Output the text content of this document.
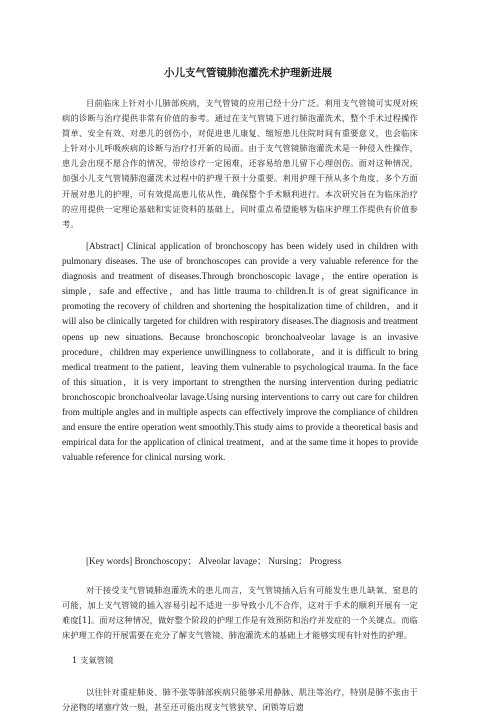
小儿支气管镜肺泡灌洗术护理新进展

目前临床上针对小儿肺部疾病，支气管镜的应用已经十分广泛。利用支气管镜可实现对疾病的诊断与治疗提供非常有价值的参考。通过在支气管镜下进行肺泡灌洗术，整个手术过程操作简单、安全有效、对患儿的创伤小，对促进患儿康复、缩短患儿住院时间有重要意义，也会临床上针对小儿呼吸疾病的诊断与治疗打开新的局面。由于支气管镜肺泡灌洗术是一种侵入性操作，患儿会出现不愿合作的情况，带给诊疗一定困难，还容易给患儿留下心理创伤。面对这种情况，加强小儿支气管镜肺泡灌洗术过程中的护理干预十分重要。利用护理干预从多个角度、多个方面开展对患儿的护理，可有效提高患儿依从性，确保整个手术顺利进行。本次研究旨在为临床治疗的应用提供一定理论基础和实证资料的基础上，同时重点希望能够为临床护理工作提供有价值参考。

[Abstract] Clinical application of bronchoscopy has been widely used in children with pulmonary diseases. The use of bronchoscopes can provide a very valuable reference for the diagnosis and treatment of diseases.Through bronchoscopic lavage，the entire operation is simple，safe and effective，and has little trauma to children.It is of great significance in promoting the recovery of children and shortening the hospitalization time of children，and it will also be clinically targeted for children with respiratory diseases.The diagnosis and treatment opens up new situations. Because bronchoscopic bronchoalveolar lavage is an invasive procedure，children may experience unwillingness to collaborate，and it is difficult to bring medical treatment to the patient，leaving them vulnerable to psychological trauma. In the face of this situation，it is very important to strengthen the nursing intervention during pediatric bronchoscopic bronchoalveolar lavage.Using nursing interventions to carry out care for children from multiple angles and in multiple aspects can effectively improve the compliance of children and ensure the entire operation went smoothly.This study aims to provide a theoretical basis and empirical data for the application of clinical treatment，and at the same time it hopes to provide valuable reference for clinical nursing work.

[Key words] Bronchoscopy； Alveolar lavage； Nursing； Progress

对于接受支气管镜肺泡灌洗术的患儿而言，支气管镜插入后有可能发生患儿缺氧、窒息的可能，加上支气管镜的插入容易引起不适进一步导致小儿不合作，这对于手术的顺利开展有一定难度[1]。面对这种情况，做好整个阶段的护理工作是有效预防和治疗并发症的一个关键点。而临床护理工作的开展需要在充分了解支气管镜、肺泡灌洗术的基础上才能够实现有针对性的护理。

1 支氣管镜

以往针对重症肺炎、肺不张等肺部疾病只能够采用静脉、肌注等治疗，特别是肺不张由于分泌物的堵塞疗效一般，甚至还可能出现支气管狭窄、闭锁等后遗
